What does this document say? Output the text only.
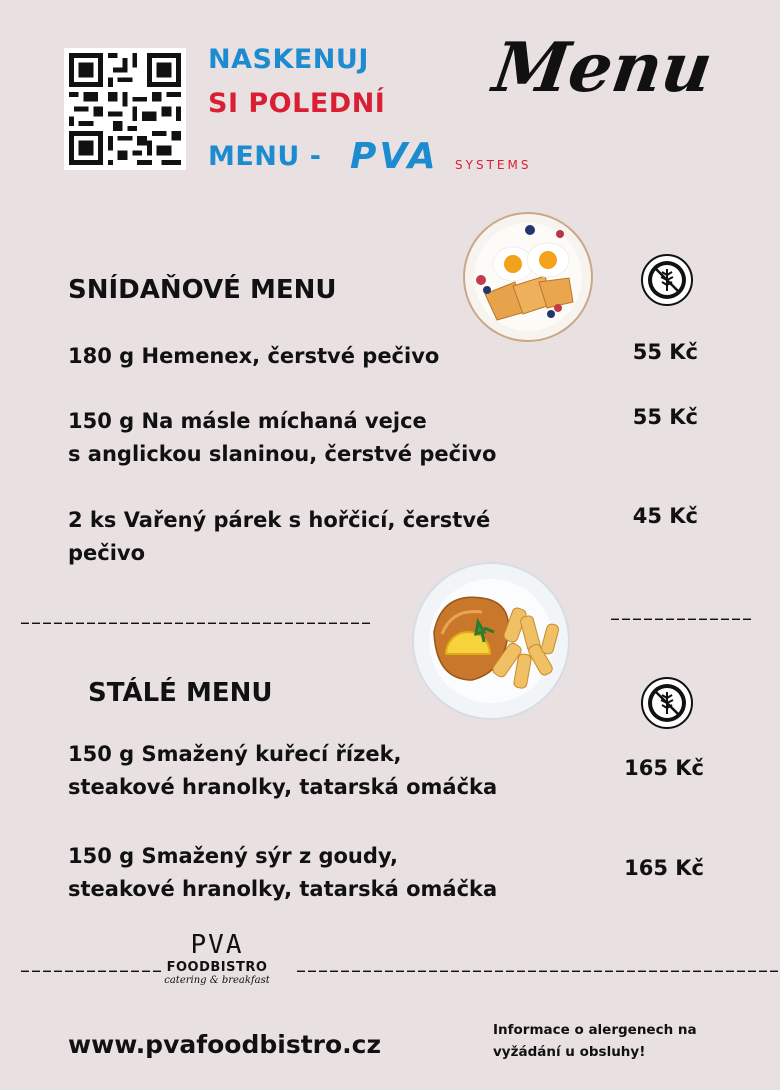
NASKENUJ
SI POLEDNÍ
MENU - PVA SYSTEMS
Menu
SNÍDAŇOVÉ MENU
180 g Hemenex, čerstvé pečivo	55 Kč
150 g Na másle míchaná vejce
s anglickou slaninou, čerstvé pečivo
55 Kč
2 ks Vařený párek s hořčicí, čerstvé
pečivo
45 Kč
––––––––––––––––––––––––––––––––	–––––––––––––
STÁLÉ MENU
150 g Smažený kuřecí řízek,
steakové hranolky, tatarská omáčka
165 Kč
150 g Smažený sýr z goudy,
steakové hranolky, tatarská omáčka
165 Kč
–––––––––––––
PVA
FOODBISTRO
catering & breakfast	––––––––––––––––––––––––––––––––––––––––––––
www.pvafoodbistro.cz	Informace o alergenech na
vyžádání u obsluhy!
